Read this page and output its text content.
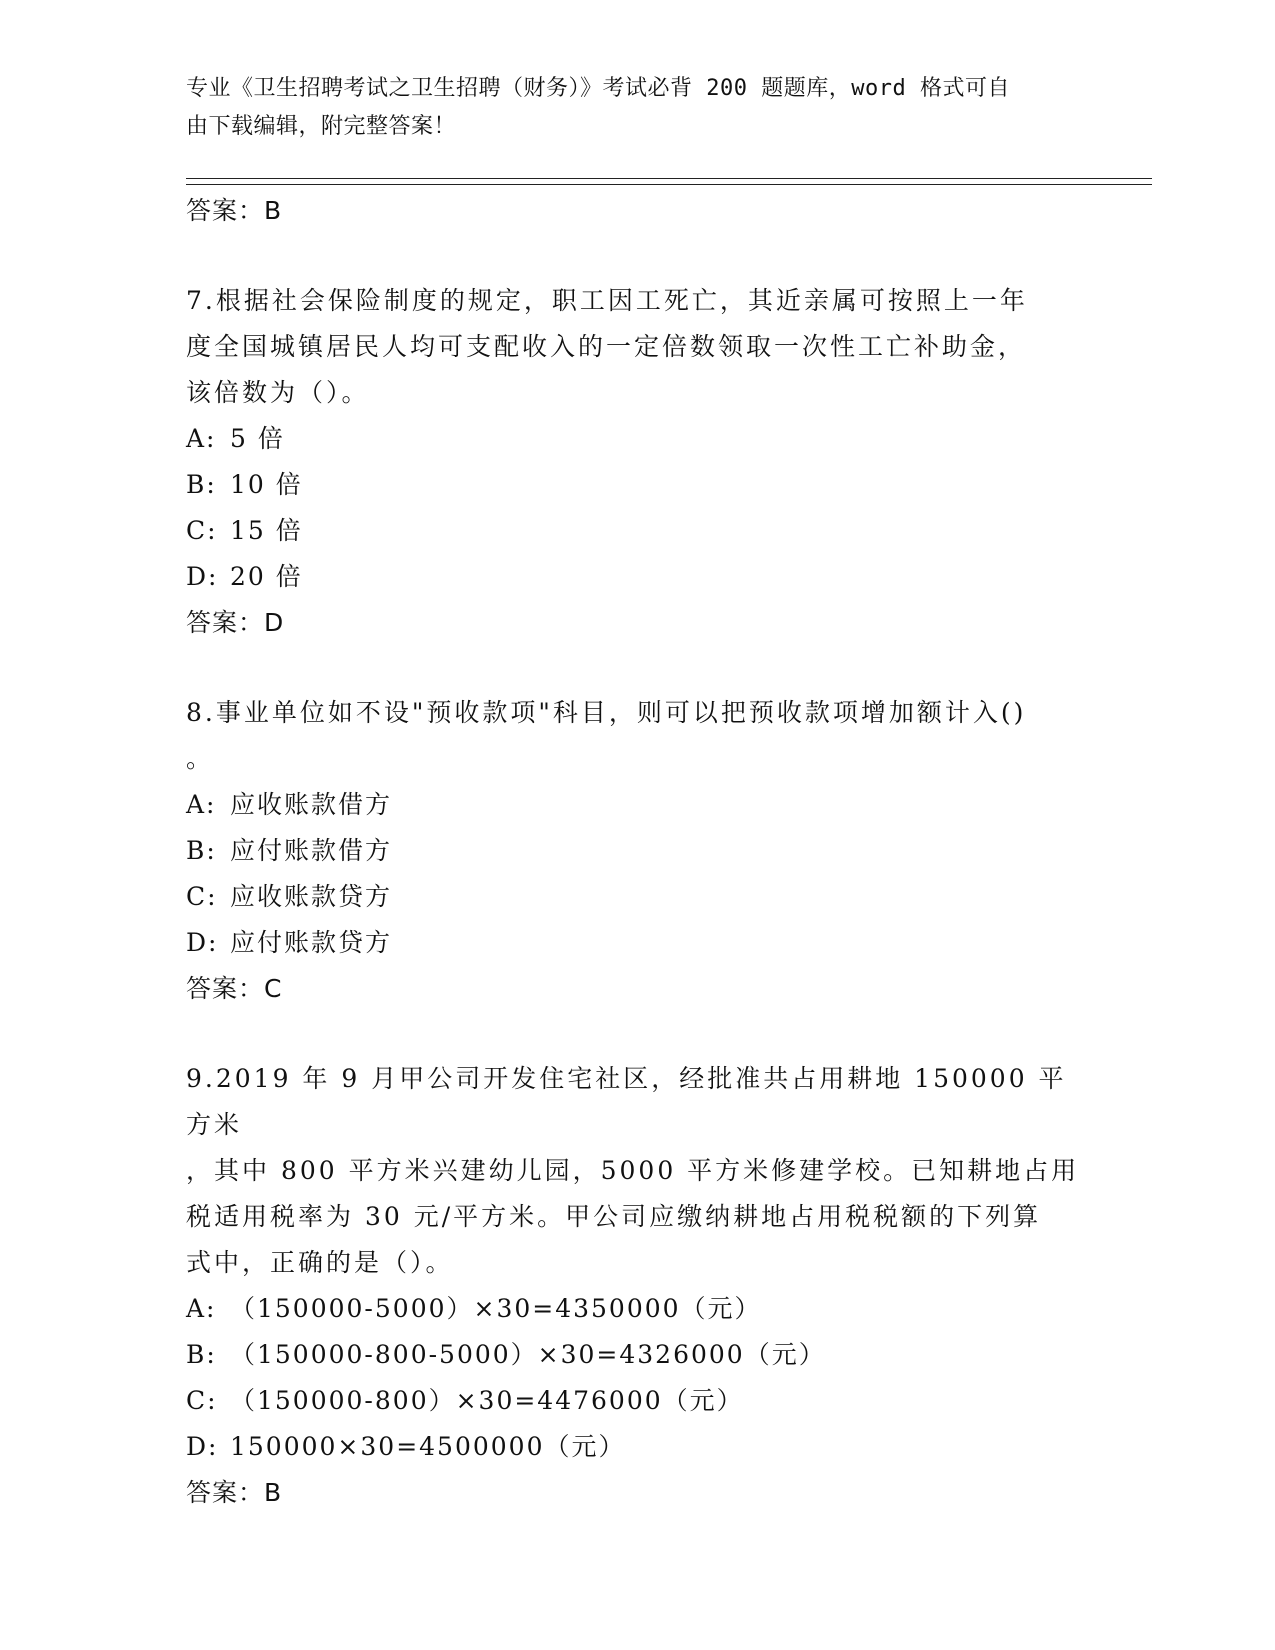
专业《卫生招聘考试之卫生招聘（财务）》考试必背 200 题题库，word 格式可自
由下载编辑，附完整答案！

答案：B

7.根据社会保险制度的规定，职工因工死亡，其近亲属可按照上一年

度全国城镇居民人均可支配收入的一定倍数领取一次性工亡补助金，

该倍数为（）。

A: 5 倍

B: 10 倍

C: 15 倍

D: 20 倍

答案：D

8.事业单位如不设"预收款项"科目，则可以把预收款项增加额计入()

。

A: 应收账款借方

B: 应付账款借方

C: 应收账款贷方

D: 应付账款贷方

答案：C

9.2019 年 9 月甲公司开发住宅社区，经批准共占用耕地 150000 平方米

，其中 800 平方米兴建幼儿园，5000 平方米修建学校。已知耕地占用

税适用税率为 30 元/平方米。甲公司应缴纳耕地占用税税额的下列算

式中，正确的是（）。

A: （150000-5000）×30=4350000（元）

B: （150000-800-5000）×30=4326000（元）

C: （150000-800）×30=4476000（元）

D: 150000×30=4500000（元）

答案：B
